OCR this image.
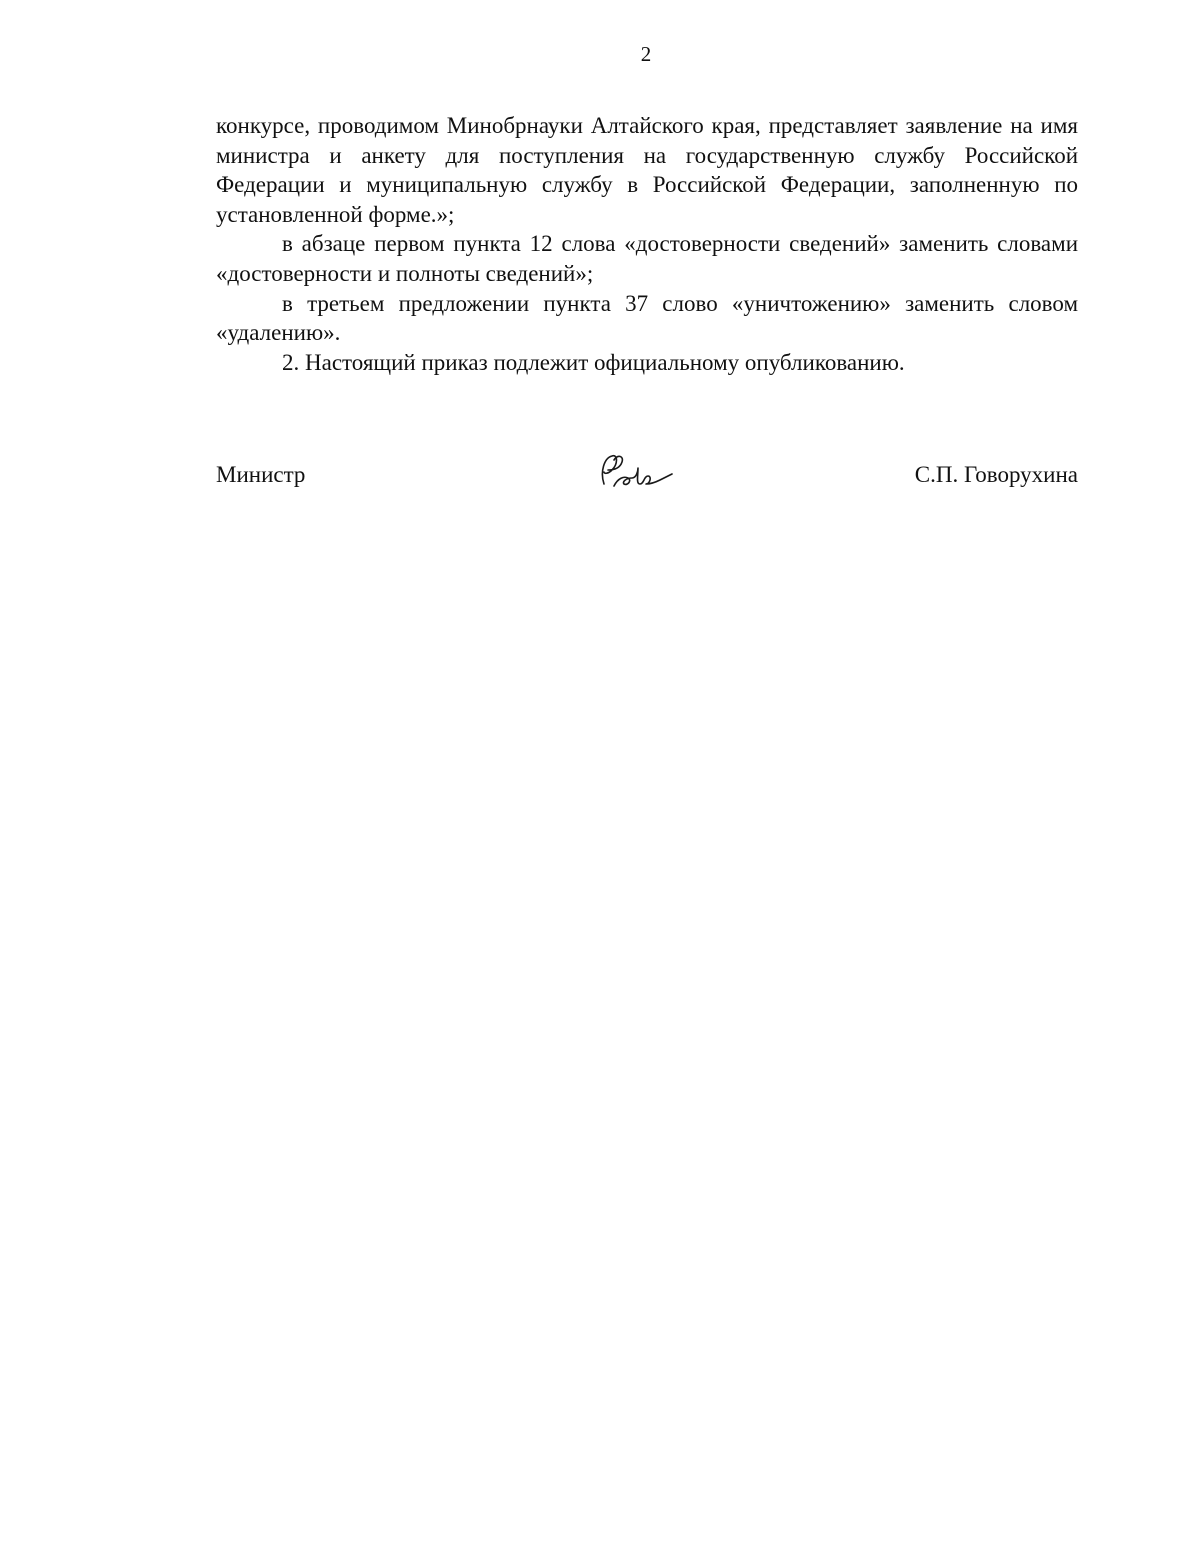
2

конкурсе, проводимом Минобрнауки Алтайского края, представляет заявление на имя министра и анкету для поступления на государственную службу Российской Федерации и муниципальную службу в Российской Федерации, заполненную по установленной форме.»;

в абзаце первом пункта 12 слова «достоверности сведений» заменить словами «достоверности и полноты сведений»;

в третьем предложении пункта 37 слово «уничтожению» заменить словом «удалению».

2. Настоящий приказ подлежит официальному опубликованию.

Министр	С.П. Говорухина
